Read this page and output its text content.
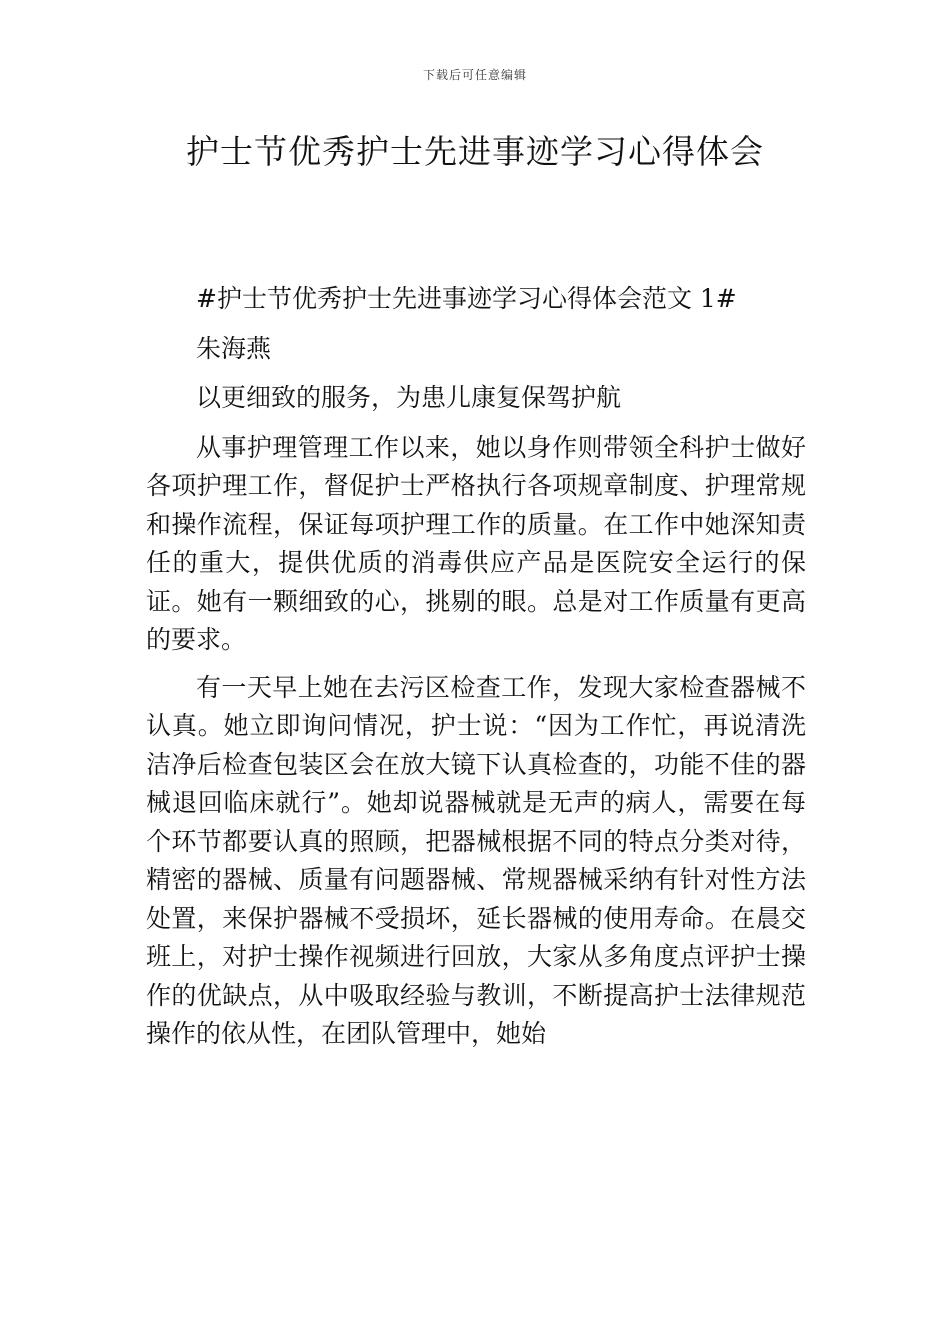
下载后可任意编辑
护士节优秀护士先进事迹学习心得体会

#护士节优秀护士先进事迹学习心得体会范文 1#

朱海燕

以更细致的服务，为患儿康复保驾护航

从事护理管理工作以来，她以身作则带领全科护士做好各项护理工作，督促护士严格执行各项规章制度、护理常规和操作流程，保证每项护理工作的质量。在工作中她深知责任的重大，提供优质的消毒供应产品是医院安全运行的保证。她有一颗细致的心，挑剔的眼。总是对工作质量有更高的要求。

有一天早上她在去污区检查工作，发现大家检查器械不认真。她立即询问情况，护士说：“因为工作忙，再说清洗洁净后检查包装区会在放大镜下认真检查的，功能不佳的器械退回临床就行”。她却说器械就是无声的病人，需要在每个环节都要认真的照顾，把器械根据不同的特点分类对待，精密的器械、质量有问题器械、常规器械采纳有针对性方法处置，来保护器械不受损坏，延长器械的使用寿命。在晨交班上，对护士操作视频进行回放，大家从多角度点评护士操作的优缺点，从中吸取经验与教训，不断提高护士法律规范操作的依从性，在团队管理中，她始
